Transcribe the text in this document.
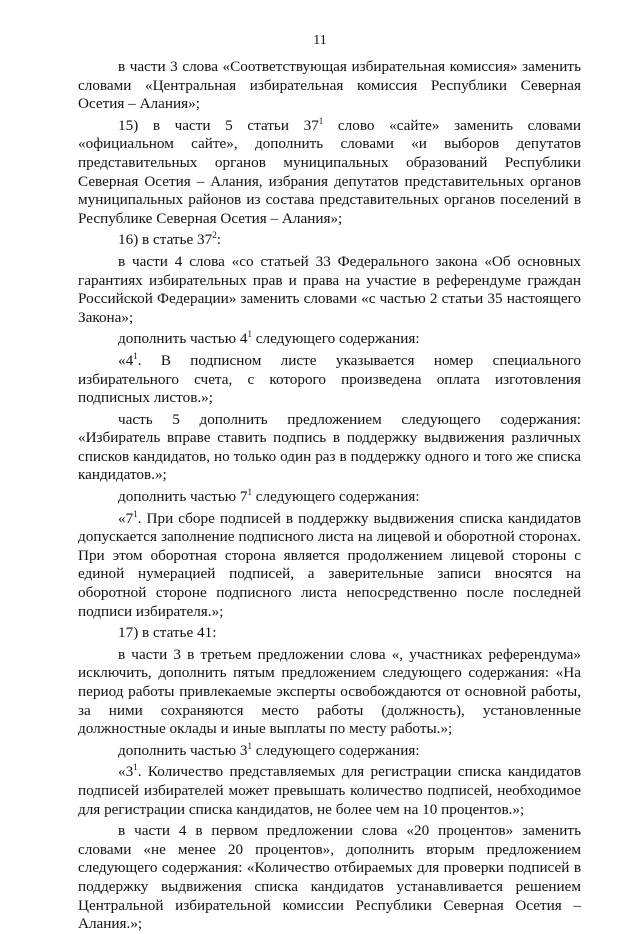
11

в части 3 слова «Соответствующая избирательная комиссия» заменить словами «Центральная избирательная комиссия Республики Северная Осетия – Алания»;

15) в части 5 статьи $37^1$ слово «сайте» заменить словами «официальном сайте», дополнить словами «и выборов депутатов представительных органов муниципальных образований Республики Северная Осетия – Алания, избрания депутатов представительных органов муниципальных районов из состава представительных органов поселений в Республике Северная Осетия – Алания»;

16) в статье $37^2$:

в части 4 слова «со статьей 33 Федерального закона «Об основных гарантиях избирательных прав и права на участие в референдуме граждан Российской Федерации» заменить словами «с частью 2 статьи 35 настоящего Закона»;

дополнить частью $4^1$ следующего содержания:

«$4^1$. В подписном листе указывается номер специального избирательного счета, с которого произведена оплата изготовления подписных листов.»;

часть 5 дополнить предложением следующего содержания: «Избиратель вправе ставить подпись в поддержку выдвижения различных списков кандидатов, но только один раз в поддержку одного и того же списка кандидатов.»;

дополнить частью $7^1$ следующего содержания:

«$7^1$. При сборе подписей в поддержку выдвижения списка кандидатов допускается заполнение подписного листа на лицевой и оборотной сторонах. При этом оборотная сторона является продолжением лицевой стороны с единой нумерацией подписей, а заверительные записи вносятся на оборотной стороне подписного листа непосредственно после последней подписи избирателя.»;

17) в статье 41:

в части 3 в третьем предложении слова «, участниках референдума» исключить, дополнить пятым предложением следующего содержания: «На период работы привлекаемые эксперты освобождаются от основной работы, за ними сохраняются место работы (должность), установленные должностные оклады и иные выплаты по месту работы.»;

дополнить частью $3^1$ следующего содержания:

«$3^1$. Количество представляемых для регистрации списка кандидатов подписей избирателей может превышать количество подписей, необходимое для регистрации списка кандидатов, не более чем на 10 процентов.»;

в части 4 в первом предложении слова «20 процентов» заменить словами «не менее 20 процентов», дополнить вторым предложением следующего содержания: «Количество отбираемых для проверки подписей в поддержку выдвижения списка кандидатов устанавливается решением Центральной избирательной комиссии Республики Северная Осетия – Алания.»;
